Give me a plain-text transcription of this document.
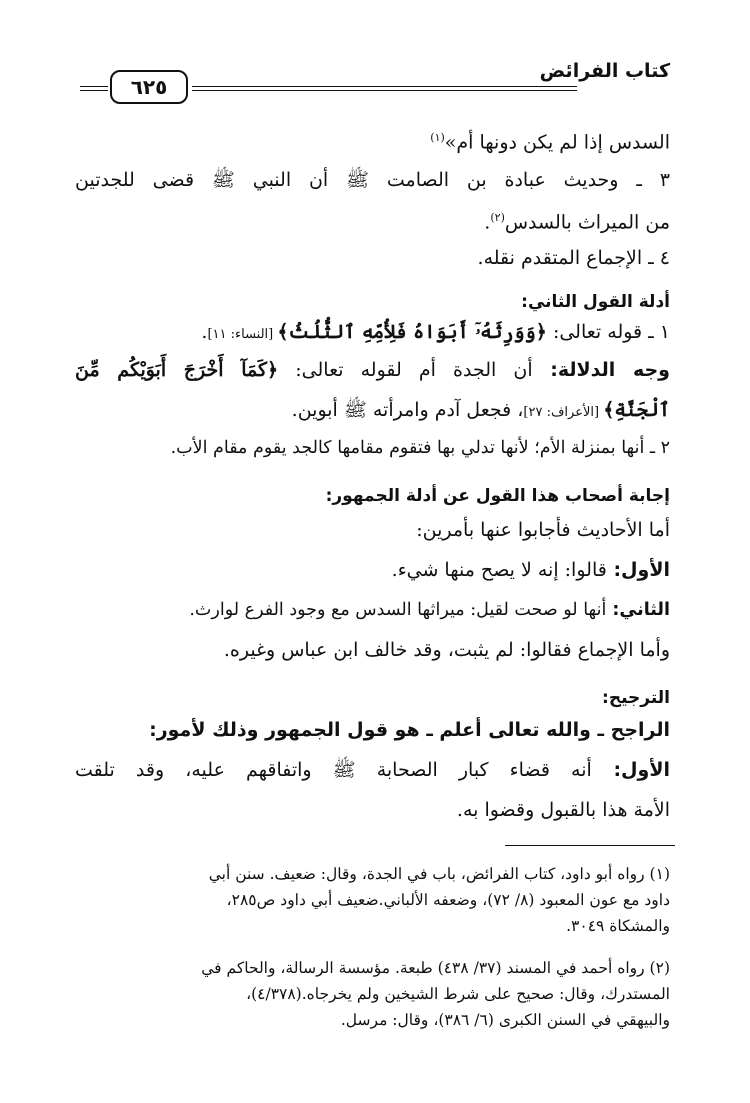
كتاب الفرائض
٦٢٥
السدس إذا لم يكن دونها أم»$^{(١)}$
٣ ـ وحديث عبادة بن الصامت ﷺ أن النبي ﷺ قضى للجدتين
من الميراث بالسدس$^{(٢)}$.
٤ ـ الإجماع المتقدم نقله.
أدلة القول الثاني:
١ ـ قوله تعالى: ﴿وَوَرِثَهُۥٓ أَبَوَاهُ فَلِأُمِّهِ ٱلثُّلُثُ﴾ [النساء: ١١].
وجه الدلالة: أن الجدة أم لقوله تعالى: ﴿كَمَآ أَخْرَجَ أَبَوَيْكُم مِّنَ
ٱلْجَنَّةِ﴾ [الأعراف: ٢٧]، فجعل آدم وامرأته ﷺ أبوين.
٢ ـ أنها بمنزلة الأم؛ لأنها تدلي بها فتقوم مقامها كالجد يقوم مقام الأب.
إجابة أصحاب هذا القول عن أدلة الجمهور:
أما الأحاديث فأجابوا عنها بأمرين:
الأول: قالوا: إنه لا يصح منها شيء.
الثاني: أنها لو صحت لقيل: ميراثها السدس مع وجود الفرع لوارث.
وأما الإجماع فقالوا: لم يثبت، وقد خالف ابن عباس وغيره.
الترجيح:
الراجح ـ والله تعالى أعلم ـ هو قول الجمهور وذلك لأمور:
الأول: أنه قضاء كبار الصحابة ﷺ واتفاقهم عليه، وقد تلقت
الأمة هذا بالقبول وقضوا به.
(١) رواه أبو داود، كتاب الفرائض، باب في الجدة، وقال: ضعيف. سنن أبي
داود مع عون المعبود (٨/ ٧٢)، وضعفه الألباني.ضعيف أبي داود ص٢٨٥،
والمشكاة ٣٠٤٩.
(٢) رواه أحمد في المسند (٣٧/ ٤٣٨) طبعة. مؤسسة الرسالة، والحاكم في
المستدرك، وقال: صحيح على شرط الشيخين ولم يخرجاه.(٤/٣٧٨)،
والبيهقي في السنن الكبرى (٦/ ٣٨٦)، وقال: مرسل.
